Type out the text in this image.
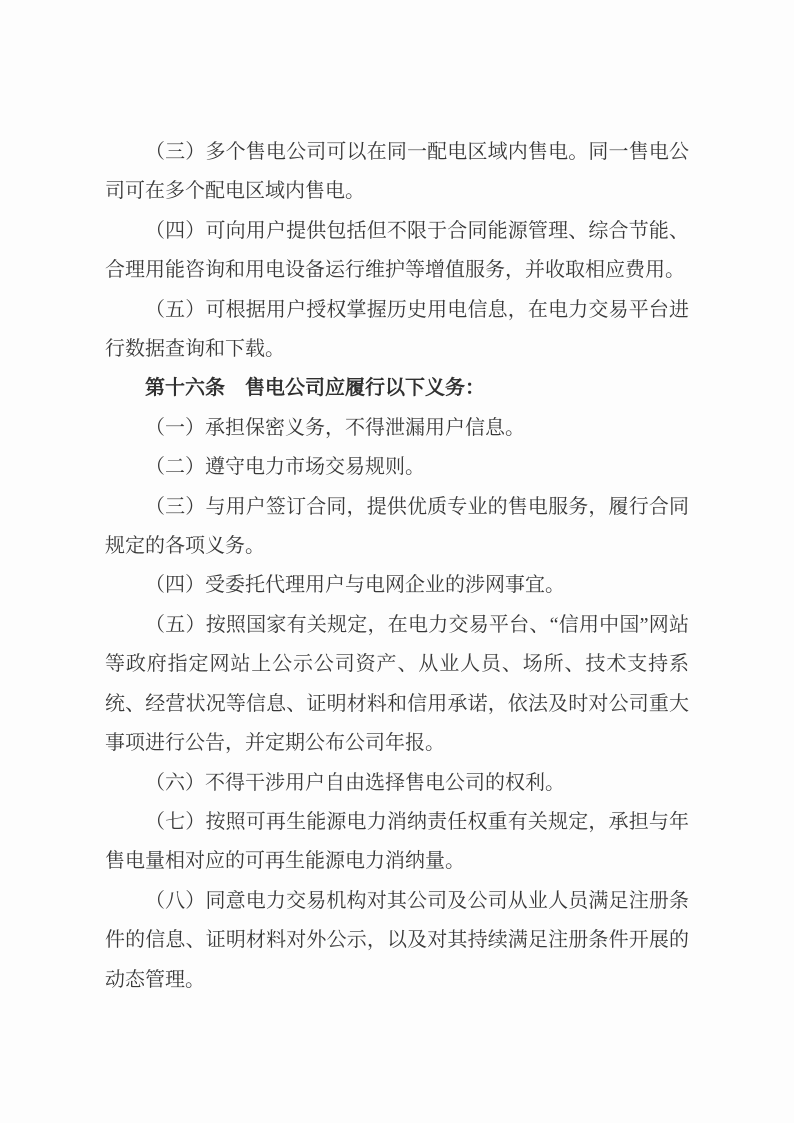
（三）多个售电公司可以在同一配电区域内售电。同一售电公司可在多个配电区域内售电。

（四）可向用户提供包括但不限于合同能源管理、综合节能、合理用能咨询和用电设备运行维护等增值服务，并收取相应费用。

（五）可根据用户授权掌握历史用电信息，在电力交易平台进行数据查询和下载。

第十六条　售电公司应履行以下义务：

（一）承担保密义务，不得泄漏用户信息。

（二）遵守电力市场交易规则。

（三）与用户签订合同，提供优质专业的售电服务，履行合同规定的各项义务。

（四）受委托代理用户与电网企业的涉网事宜。

（五）按照国家有关规定，在电力交易平台、“信用中国”网站等政府指定网站上公示公司资产、从业人员、场所、技术支持系统、经营状况等信息、证明材料和信用承诺，依法及时对公司重大事项进行公告，并定期公布公司年报。

（六）不得干涉用户自由选择售电公司的权利。

（七）按照可再生能源电力消纳责任权重有关规定，承担与年售电量相对应的可再生能源电力消纳量。

（八）同意电力交易机构对其公司及公司从业人员满足注册条件的信息、证明材料对外公示，以及对其持续满足注册条件开展的动态管理。
